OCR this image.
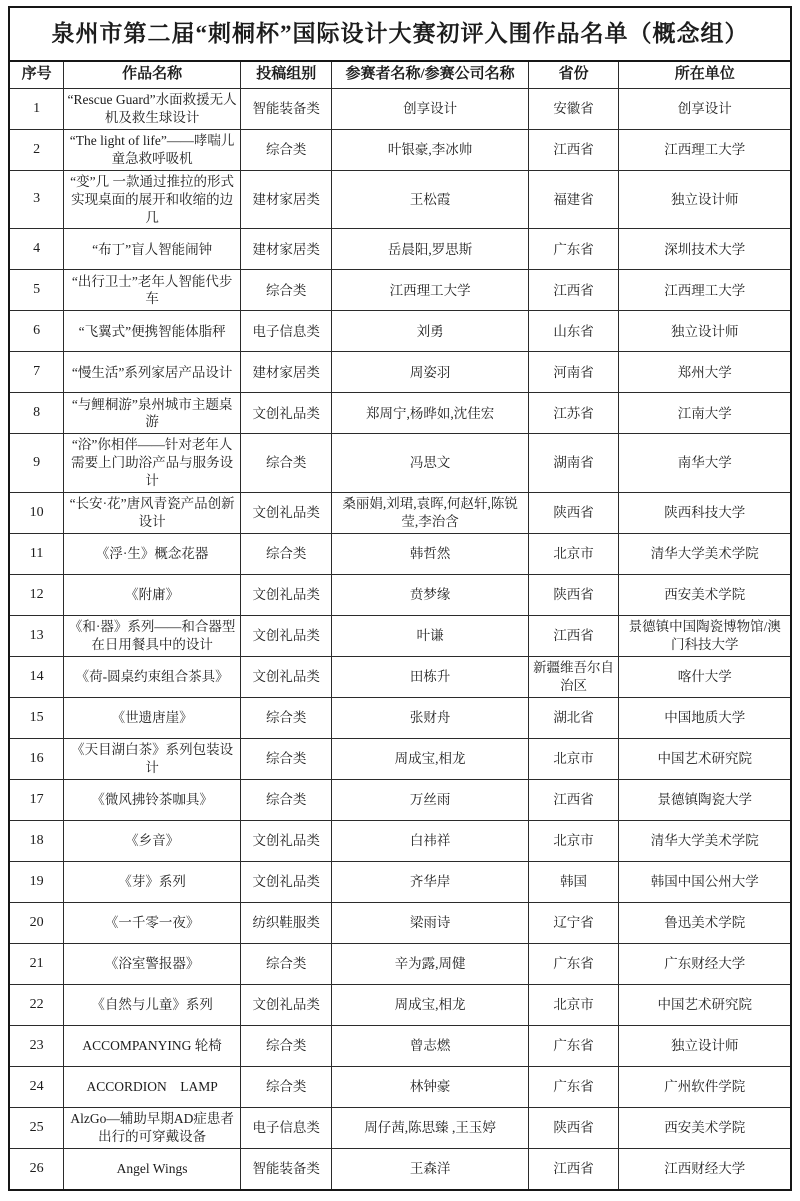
泉州市第二届“刺桐杯”国际设计大赛初评入围作品名单（概念组）					
序号	作品名称	投稿组别	参赛者名称/参赛公司名称	省份	所在单位
1	“Rescue Guard”水面救援无人机及救生球设计	智能装备类	创享设计	安徽省	创享设计
2	“The light of life”——哮喘儿童急救呼吸机	综合类	叶银豪,李冰帅	江西省	江西理工大学
3	“变”几 一款通过推拉的形式实现桌面的展开和收缩的边几	建材家居类	王松霞	福建省	独立设计师
4	“布丁”盲人智能闹钟	建材家居类	岳晨阳,罗思斯	广东省	深圳技术大学
5	“出行卫士”老年人智能代步车	综合类	江西理工大学	江西省	江西理工大学
6	“飞翼式”便携智能体脂秤	电子信息类	刘勇	山东省	独立设计师
7	“慢生活”系列家居产品设计	建材家居类	周姿羽	河南省	郑州大学
8	“与鲤桐游”泉州城市主题桌游	文创礼品类	郑周宁,杨晔如,沈佳宏	江苏省	江南大学
9	“浴”你相伴——针对老年人需要上门助浴产品与服务设计	综合类	冯思文	湖南省	南华大学
10	“长安·花”唐风青瓷产品创新设计	文创礼品类	桑丽娟,刘珺,袁晖,何赵轩,陈锐莹,李治含	陕西省	陕西科技大学
11	《浮·生》概念花器	综合类	韩哲然	北京市	清华大学美术学院
12	《附庸》	文创礼品类	贲梦缘	陕西省	西安美术学院
13	《和·器》系列——和合器型在日用餐具中的设计	文创礼品类	叶谦	江西省	景德镇中国陶瓷博物馆/澳门科技大学
14	《荷-圆桌约束组合茶具》	文创礼品类	田栋升	新疆维吾尔自治区	喀什大学
15	《世遗唐崖》	综合类	张财舟	湖北省	中国地质大学
16	《天目湖白茶》系列包装设计	综合类	周成宝,相龙	北京市	中国艺术研究院
17	《微风拂铃茶咖具》	综合类	万丝雨	江西省	景德镇陶瓷大学
18	《乡音》	文创礼品类	白祎祥	北京市	清华大学美术学院
19	《芽》系列	文创礼品类	齐华岸	韩国	韩国中国公州大学
20	《一千零一夜》	纺织鞋服类	梁雨诗	辽宁省	鲁迅美术学院
21	《浴室警报器》	综合类	辛为露,周健	广东省	广东财经大学
22	《自然与儿童》系列	文创礼品类	周成宝,相龙	北京市	中国艺术研究院
23	ACCOMPANYING 轮椅	综合类	曾志燃	广东省	独立设计师
24	ACCORDION　LAMP	综合类	林钟豪	广东省	广州软件学院
25	AlzGo—辅助早期AD症患者出行的可穿戴设备	电子信息类	周仔茜,陈思臻 ,王玉婷	陕西省	西安美术学院
26	Angel Wings	智能装备类	王森洋	江西省	江西财经大学
